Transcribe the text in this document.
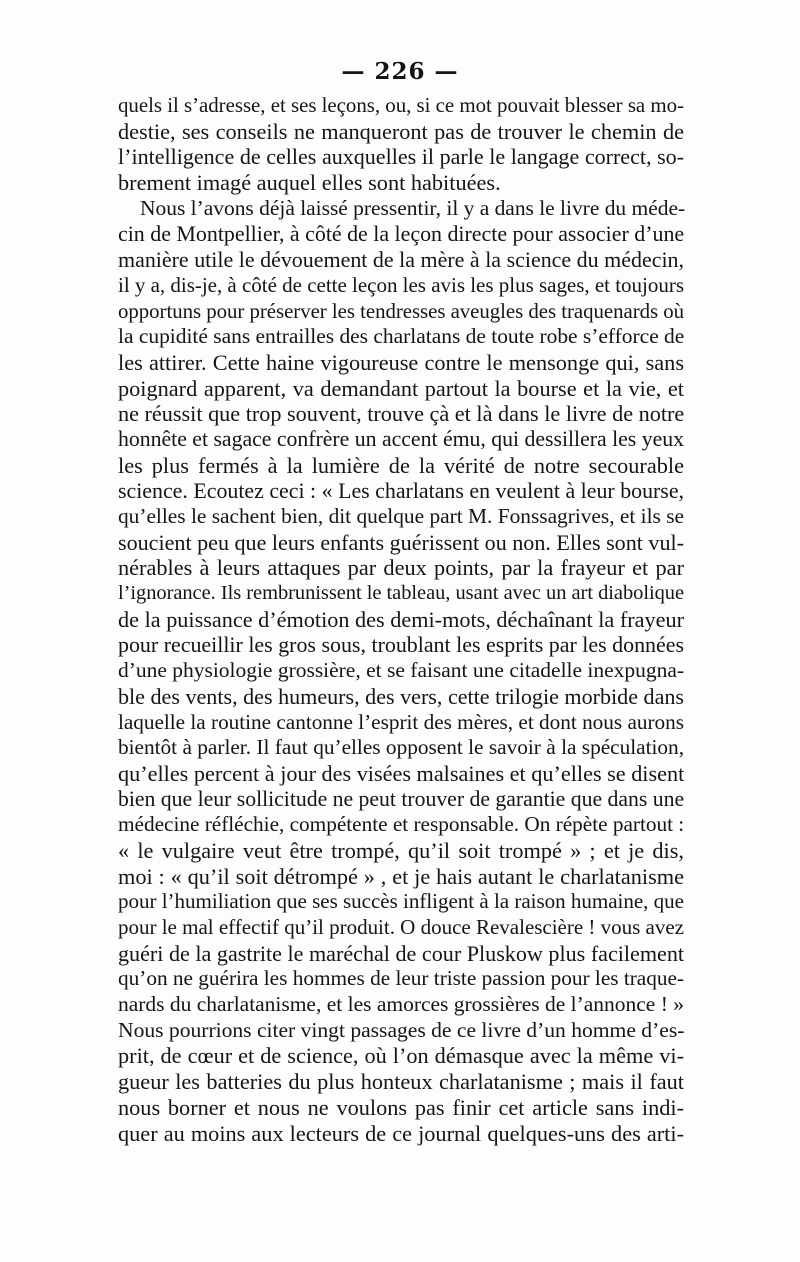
— 226 —
quels il s’adresse, et ses leçons, ou, si ce mot pouvait blesser sa mo-
destie, ses conseils ne manqueront pas de trouver le chemin de
l’intelligence de celles auxquelles il parle le langage correct, so-
brement imagé auquel elles sont habituées.
Nous l’avons déjà laissé pressentir, il y a dans le livre du méde-
cin de Montpellier, à côté de la leçon directe pour associer d’une
manière utile le dévouement de la mère à la science du médecin,
il y a, dis-je, à côté de cette leçon les avis les plus sages, et toujours
opportuns pour préserver les tendresses aveugles des traquenards où
la cupidité sans entrailles des charlatans de toute robe s’efforce de
les attirer. Cette haine vigoureuse contre le mensonge qui, sans
poignard apparent, va demandant partout la bourse et la vie, et
ne réussit que trop souvent, trouve çà et là dans le livre de notre
honnête et sagace confrère un accent ému, qui dessillera les yeux
les plus fermés à la lumière de la vérité de notre secourable
science. Ecoutez ceci : « Les charlatans en veulent à leur bourse,
qu’elles le sachent bien, dit quelque part M. Fonssagrives, et ils se
soucient peu que leurs enfants guérissent ou non. Elles sont vul-
nérables à leurs attaques par deux points, par la frayeur et par
l’ignorance. Ils rembrunissent le tableau, usant avec un art diabolique
de la puissance d’émotion des demi-mots, déchaînant la frayeur
pour recueillir les gros sous, troublant les esprits par les données
d’une physiologie grossière, et se faisant une citadelle inexpugna-
ble des vents, des humeurs, des vers, cette trilogie morbide dans
laquelle la routine cantonne l’esprit des mères, et dont nous aurons
bientôt à parler. Il faut qu’elles opposent le savoir à la spéculation,
qu’elles percent à jour des visées malsaines et qu’elles se disent
bien que leur sollicitude ne peut trouver de garantie que dans une
médecine réfléchie, compétente et responsable. On répète partout :
« le vulgaire veut être trompé, qu’il soit trompé » ; et je dis,
moi : « qu’il soit détrompé » , et je hais autant le charlatanisme
pour l’humiliation que ses succès infligent à la raison humaine, que
pour le mal effectif qu’il produit. O douce Revalescière ! vous avez
guéri de la gastrite le maréchal de cour Pluskow plus facilement
qu’on ne guérira les hommes de leur triste passion pour les traque-
nards du charlatanisme, et les amorces grossières de l’annonce ! »
Nous pourrions citer vingt passages de ce livre d’un homme d’es-
prit, de cœur et de science, où l’on démasque avec la même vi-
gueur les batteries du plus honteux charlatanisme ; mais il faut
nous borner et nous ne voulons pas finir cet article sans indi-
quer au moins aux lecteurs de ce journal quelques-uns des arti-
